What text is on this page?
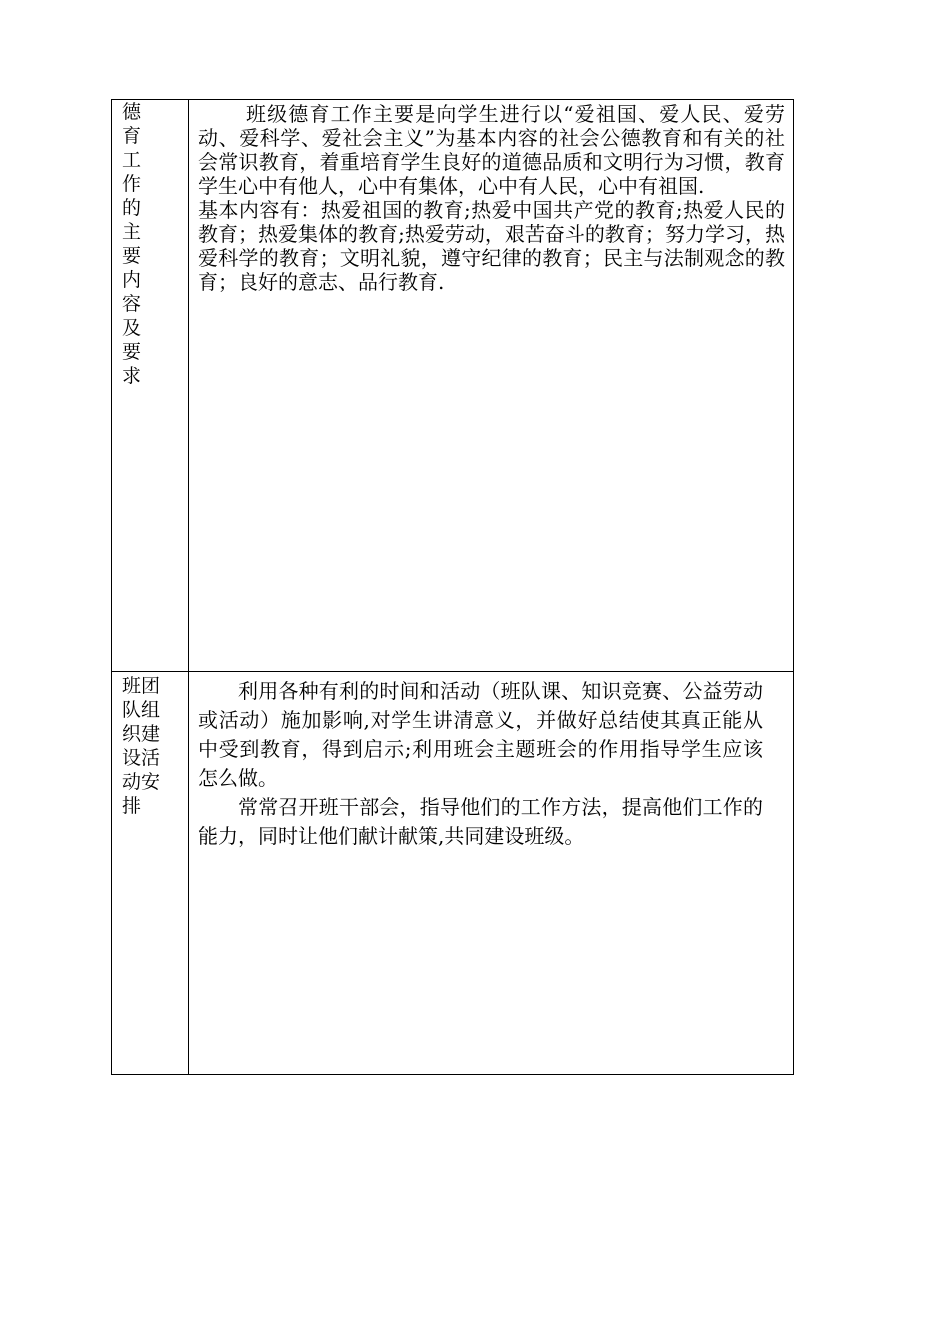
德育工作的主要内容及要求	班级德育工作主要是向学生进行以“爱祖国、爱人民、爱劳动、爱科学、爱社会主义”为基本内容的社会公德教育和有关的社会常识教育，着重培育学生良好的道德品质和文明行为习惯，教育学生心中有他人，心中有集体，心中有人民，心中有祖国.

基本内容有：热爱祖国的教育;热爱中国共产党的教育;热爱人民的教育；热爱集体的教育;热爱劳动，艰苦奋斗的教育；努力学习，热爱科学的教育；文明礼貌，遵守纪律的教育；民主与法制观念的教育；良好的意志、品行教育.

班团队组织建设活动安排	利用各种有利的时间和活动（班队课、知识竞赛、公益劳动或活动）施加影响,对学生讲清意义，并做好总结使其真正能从中受到教育，得到启示;利用班会主题班会的作用指导学生应该怎么做。

常常召开班干部会，指导他们的工作方法，提高他们工作的能力，同时让他们献计献策,共同建设班级。
